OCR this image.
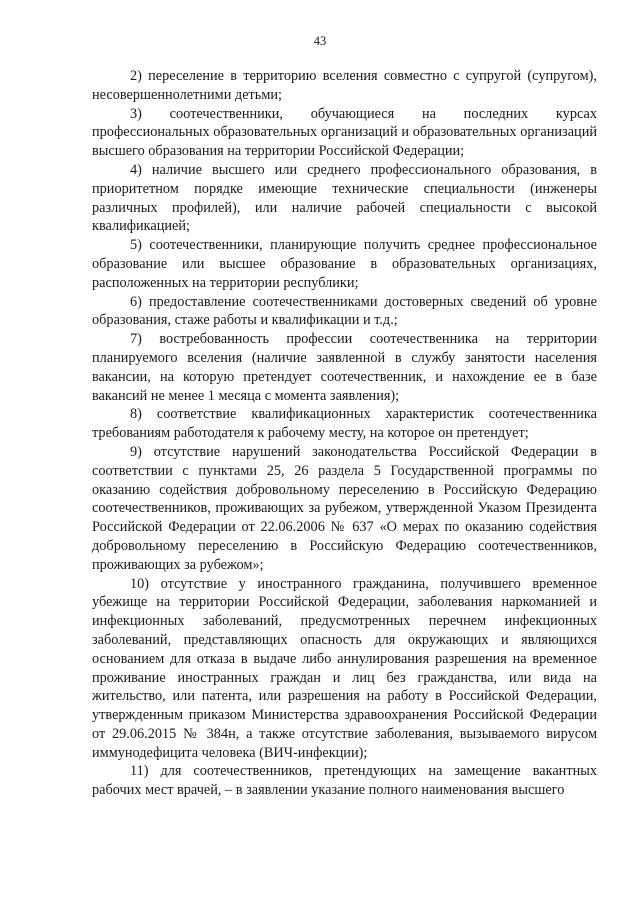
43

2) переселение в территорию вселения совместно с супругой (супругом), несовершеннолетними детьми;

3) соотечественники, обучающиеся на последних курсах профессиональных образовательных организаций и образовательных организаций высшего образования на территории Российской Федерации;

4) наличие высшего или среднего профессионального образования, в приоритетном порядке имеющие технические специальности (инженеры различных профилей), или наличие рабочей специальности с высокой квалификацией;

5) соотечественники, планирующие получить среднее профессиональное образование или высшее образование в образовательных организациях, расположенных на территории республики;

6) предоставление соотечественниками достоверных сведений об уровне образования, стаже работы и квалификации и т.д.;

7) востребованность профессии соотечественника на территории планируемого вселения (наличие заявленной в службу занятости населения вакансии, на которую претендует соотечественник, и нахождение ее в базе вакансий не менее 1 месяца с момента заявления);

8) соответствие квалификационных характеристик соотечественника требованиям работодателя к рабочему месту, на которое он претендует;

9) отсутствие нарушений законодательства Российской Федерации в соответствии с пунктами 25, 26 раздела 5 Государственной программы по оказанию содействия добровольному переселению в Российскую Федерацию соотечественников, проживающих за рубежом, утвержденной Указом Президента Российской Федерации от 22.06.2006 № 637 «О мерах по оказанию содействия добровольному переселению в Российскую Федерацию соотечественников, проживающих за рубежом»;

10) отсутствие у иностранного гражданина, получившего временное убежище на территории Российской Федерации, заболевания наркоманией и инфекционных заболеваний, предусмотренных перечнем инфекционных заболеваний, представляющих опасность для окружающих и являющихся основанием для отказа в выдаче либо аннулирования разрешения на временное проживание иностранных граждан и лиц без гражданства, или вида на жительство, или патента, или разрешения на работу в Российской Федерации, утвержденным приказом Министерства здравоохранения Российской Федерации от 29.06.2015 № 384н, а также отсутствие заболевания, вызываемого вирусом иммунодефицита человека (ВИЧ-инфекции);

11) для соотечественников, претендующих на замещение вакантных рабочих мест врачей, – в заявлении указание полного наименования высшего
